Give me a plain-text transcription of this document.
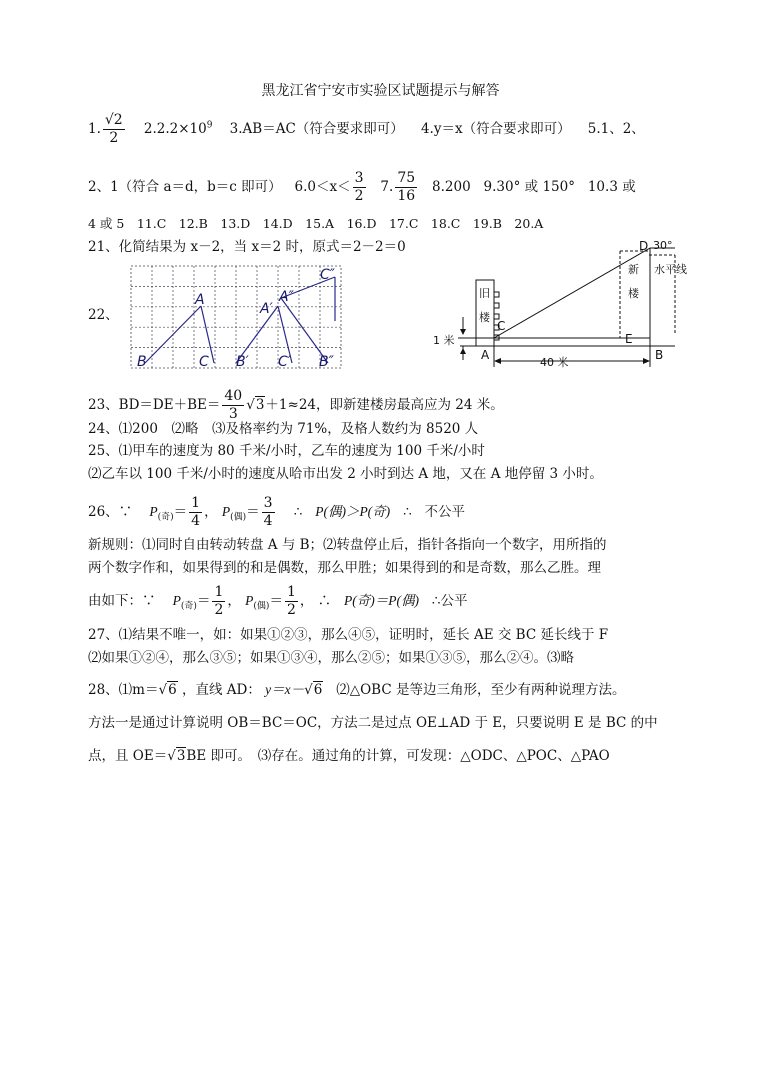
黑龙江省宁安市实验区试题提示与解答
1. $\frac{√2}{2} 2.2.2\times 10^9$ 3.AB＝AC（符合要求即可） 4.y＝x（符合要求即可） 5.1、2、
2、1（符合 a＝d，b＝c 即可） $6.0<x< \frac{3}{2} 7$. $\frac{75}{16} 8.200$ 9.30° 或 150° 10.3 或
4 或 5　11.C　12.B　13.D　14.D　15.A　16.D　17.C　18.C　19.B　20.A
21、化简结果为 x－2，当 x＝2 时，原式＝2－2＝0
22、
A
B	C
A′
A″
B′ C′ B″
C″
D 30°
新
楼
水平线
旧
楼
C
E
1 米
A
40 米
B
23、$BD=DE+BE= \frac{40}{3} √3+1\approx 24$，即新建楼房最高应为 24 米。
24、⑴200　⑵略　⑶及格率约为 71%，及格人数约为 8520 人
25、⑴甲车的速度为 80 千米/小时，乙车的速度为 100 千米/小时
⑵乙车以 100 千米/小时的速度从哈市出发 2 小时到达 A 地，又在 A 地停留 3 小时。
26、∵ $P_{(奇)}= \frac{1}{4}$ ， $P_{(偶)}= \frac{3}{4}$ ∴ P(偶)＞P(奇) ∴ 不公平
新规则：⑴同时自由转动转盘 A 与 B；⑵转盘停止后，指针各指向一个数字，用所指的
两个数字作和，如果得到的和是偶数，那么甲胜；如果得到的和是奇数，那么乙胜。理
由如下：∵ $P_{(奇)}= \frac{1}{2}$ ， $P_{(偶)}= \frac{1}{2}$ ， ∴ P(奇)＝P(偶) ∴公平
27、⑴结果不唯一，如：如果①②③，那么④⑤，证明时，延长 AE 交 BC 延长线于 F
⑵如果①②④，那么③⑤；如果①③④，那么②⑤；如果①③⑤，那么②④。⑶略
28、⑴m＝√6 ，直线 AD： y＝x－√6 ⑵△OBC 是等边三角形，至少有两种说理方法。
方法一是通过计算说明 OB＝BC＝OC，方法二是过点 OE⊥AD 于 E，只要说明 E 是 BC 的中
点，且 OE＝√3BE 即可。　⑶存在。通过角的计算，可发现：△ODC、△POC、△PAO
